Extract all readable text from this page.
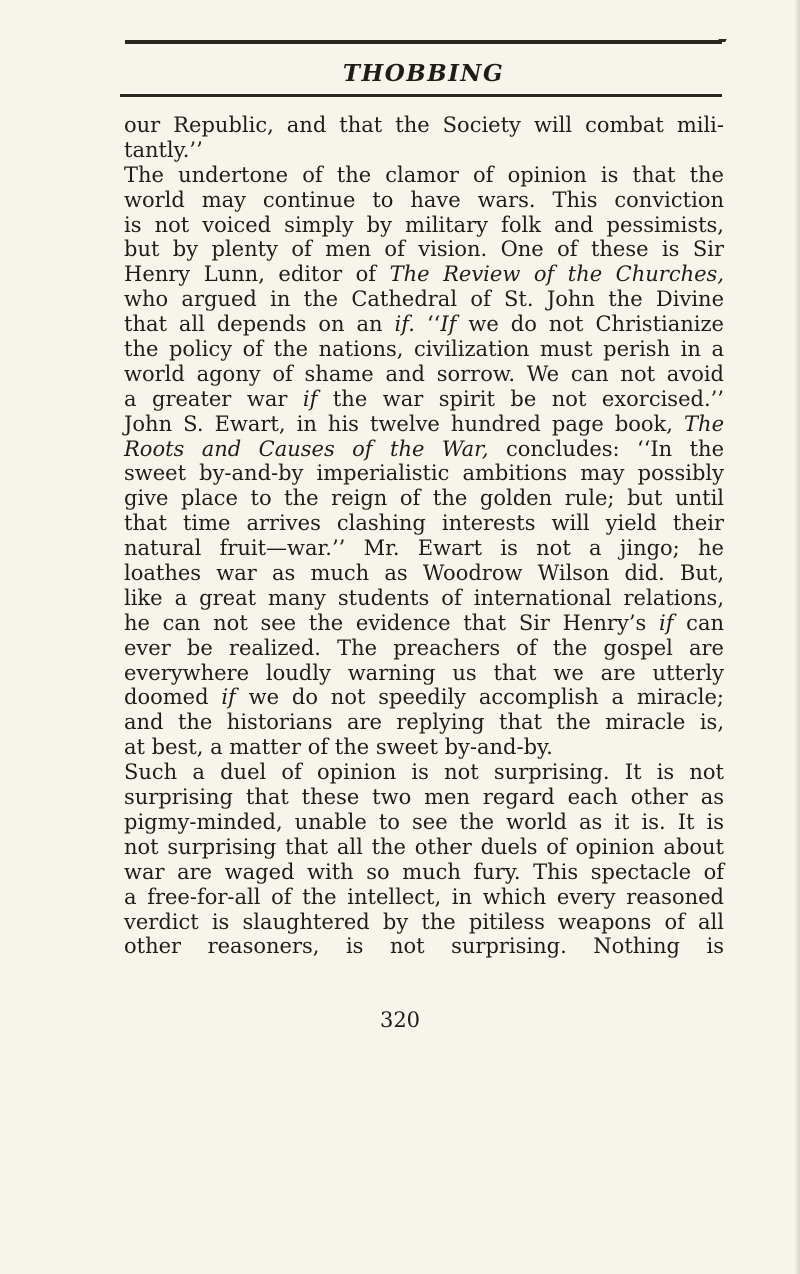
THOBBING
our Republic, and that the Society will combat mili-
tantly.’’
The undertone of the clamor of opinion is that the
world may continue to have wars. This conviction
is not voiced simply by military folk and pessimists,
but by plenty of men of vision. One of these is Sir
Henry Lunn, editor of The Review of the Churches,
who argued in the Cathedral of St. John the Divine
that all depends on an if. ‘‘If we do not Christianize
the policy of the nations, civilization must perish in a
world agony of shame and sorrow. We can not avoid
a greater war if the war spirit be not exorcised.’’
John S. Ewart, in his twelve hundred page book, The
Roots and Causes of the War, concludes: ‘‘In the
sweet by-and-by imperialistic ambitions may possibly
give place to the reign of the golden rule; but until
that time arrives clashing interests will yield their
natural fruit—war.’’ Mr. Ewart is not a jingo; he
loathes war as much as Woodrow Wilson did. But,
like a great many students of international relations,
he can not see the evidence that Sir Henry’s if can
ever be realized. The preachers of the gospel are
everywhere loudly warning us that we are utterly
doomed if we do not speedily accomplish a miracle;
and the historians are replying that the miracle is,
at best, a matter of the sweet by-and-by.
Such a duel of opinion is not surprising. It is not
surprising that these two men regard each other as
pigmy-minded, unable to see the world as it is. It is
not surprising that all the other duels of opinion about
war are waged with so much fury. This spectacle of
a free-for-all of the intellect, in which every reasoned
verdict is slaughtered by the pitiless weapons of all
other reasoners, is not surprising. Nothing is
320
